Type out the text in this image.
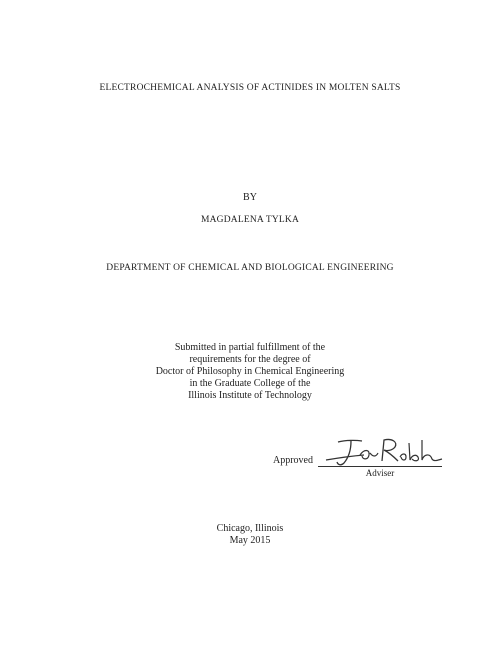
ELECTROCHEMICAL ANALYSIS OF ACTINIDES IN MOLTEN SALTS
BY
MAGDALENA TYLKA
DEPARTMENT OF CHEMICAL AND BIOLOGICAL ENGINEERING
Submitted in partial fulfillment of the
requirements for the degree of
Doctor of Philosophy in Chemical Engineering
in the Graduate College of the
Illinois Institute of Technology
Approved
Adviser
Chicago, Illinois
May 2015
